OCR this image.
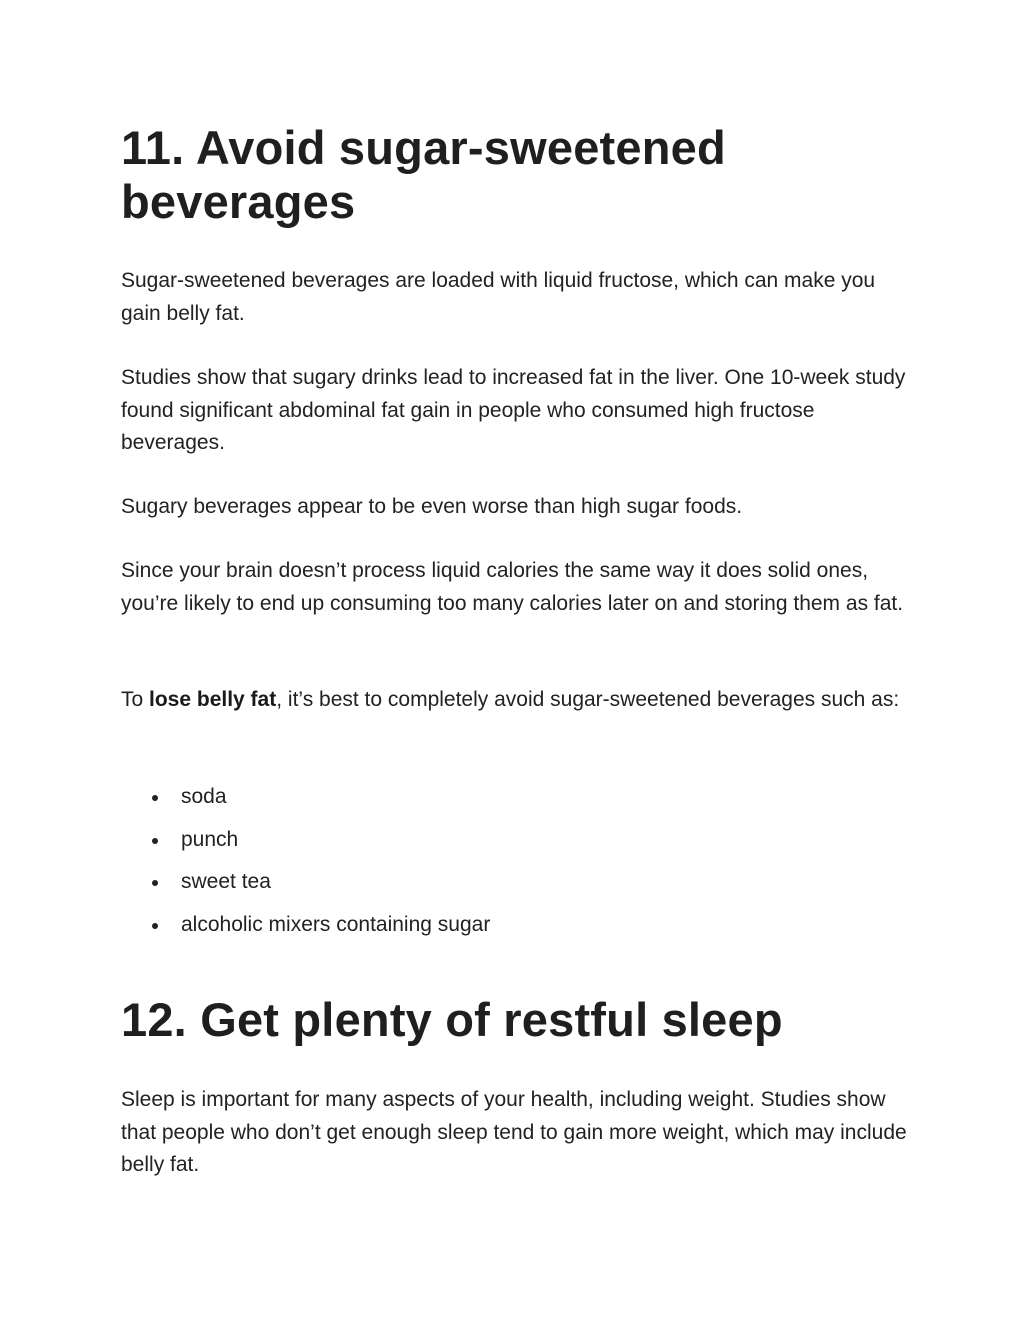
11. Avoid sugar-sweetened beverages

Sugar-sweetened beverages are loaded with liquid fructose, which can make you gain belly fat.

Studies show that sugary drinks lead to increased fat in the liver. One 10-week study found significant abdominal fat gain in people who consumed high fructose beverages.

Sugary beverages appear to be even worse than high sugar foods.

Since your brain doesn’t process liquid calories the same way it does solid ones, you’re likely to end up consuming too many calories later on and storing them as fat.

To lose belly fat, it’s best to completely avoid sugar-sweetened beverages such as:

soda
punch
sweet tea
alcoholic mixers containing sugar
12. Get plenty of restful sleep

Sleep is important for many aspects of your health, including weight. Studies show that people who don’t get enough sleep tend to gain more weight, which may include belly fat.
